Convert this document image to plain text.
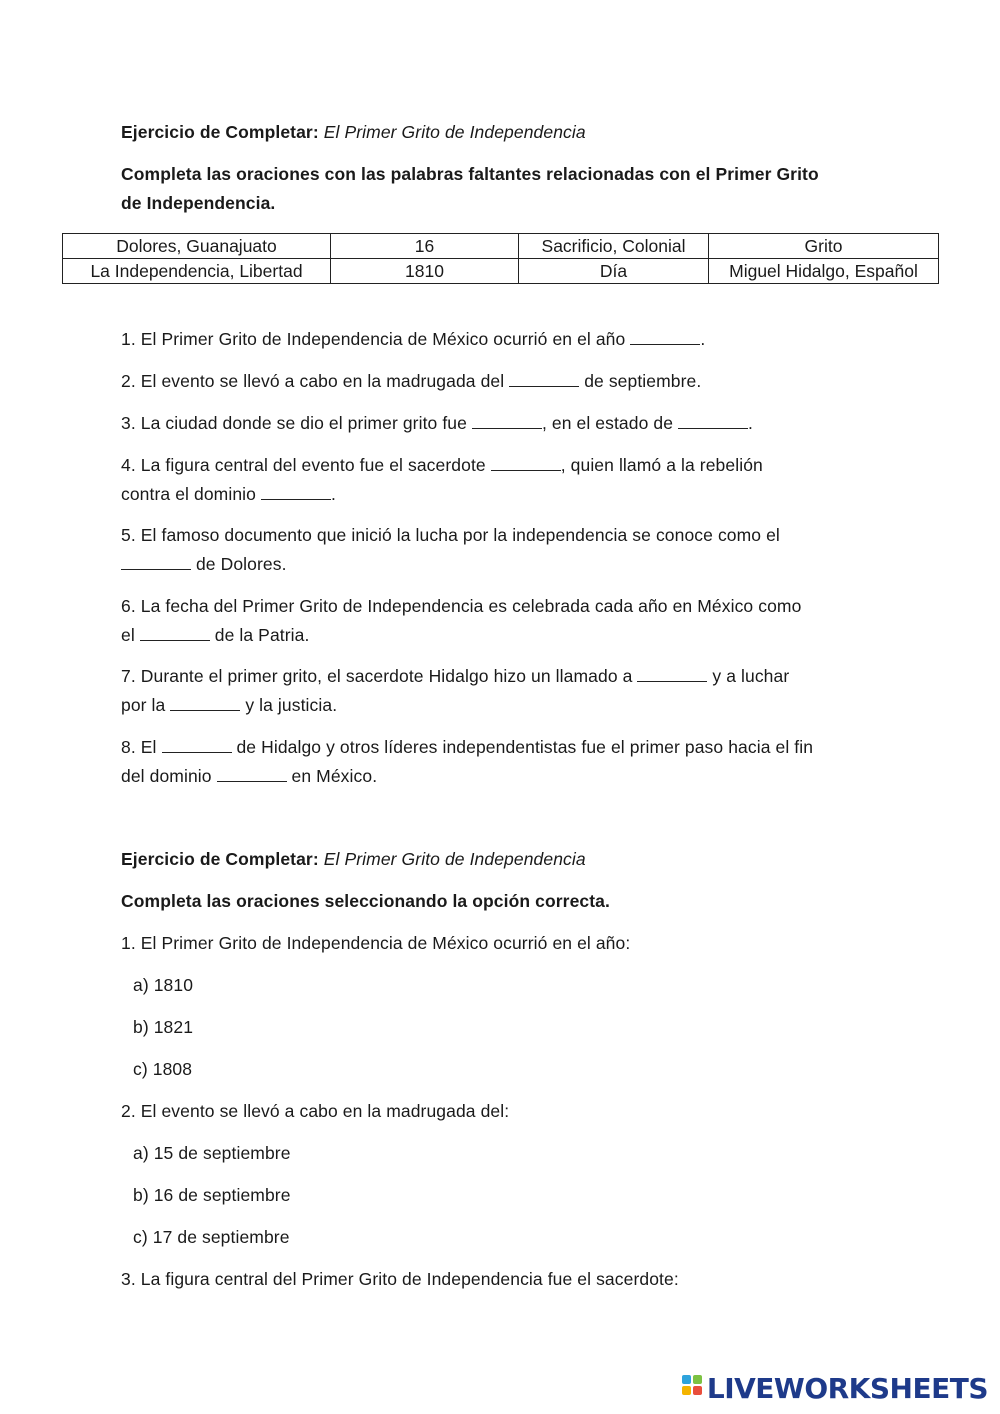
Ejercicio de Completar: El Primer Grito de Independencia
Completa las oraciones con las palabras faltantes relacionadas con el Primer Grito
de Independencia.
Dolores, Guanajuato	16	Sacrificio, Colonial	Grito
La Independencia, Libertad	1810	Día	Miguel Hidalgo, Español
1. El Primer Grito de Independencia de México ocurrió en el año	.
2. El evento se llevó a cabo en la madrugada del	de septiembre.
3. La ciudad donde se dio el primer grito fue	, en el estado de	.
4. La figura central del evento fue el sacerdote	, quien llamó a la rebelión
contra el dominio	.
5. El famoso documento que inició la lucha por la independencia se conoce como el
de Dolores.
6. La fecha del Primer Grito de Independencia es celebrada cada año en México como
el	de la Patria.
7. Durante el primer grito, el sacerdote Hidalgo hizo un llamado a	y a luchar
por la	y la justicia.
8. El	de Hidalgo y otros líderes independentistas fue el primer paso hacia el fin
del dominio	en México.
Ejercicio de Completar: El Primer Grito de Independencia
Completa las oraciones seleccionando la opción correcta.
1. El Primer Grito de Independencia de México ocurrió en el año:
a) 1810
b) 1821
c) 1808
2. El evento se llevó a cabo en la madrugada del:
a) 15 de septiembre
b) 16 de septiembre
c) 17 de septiembre
3. La figura central del Primer Grito de Independencia fue el sacerdote:
LIVEWORKSHEETS
